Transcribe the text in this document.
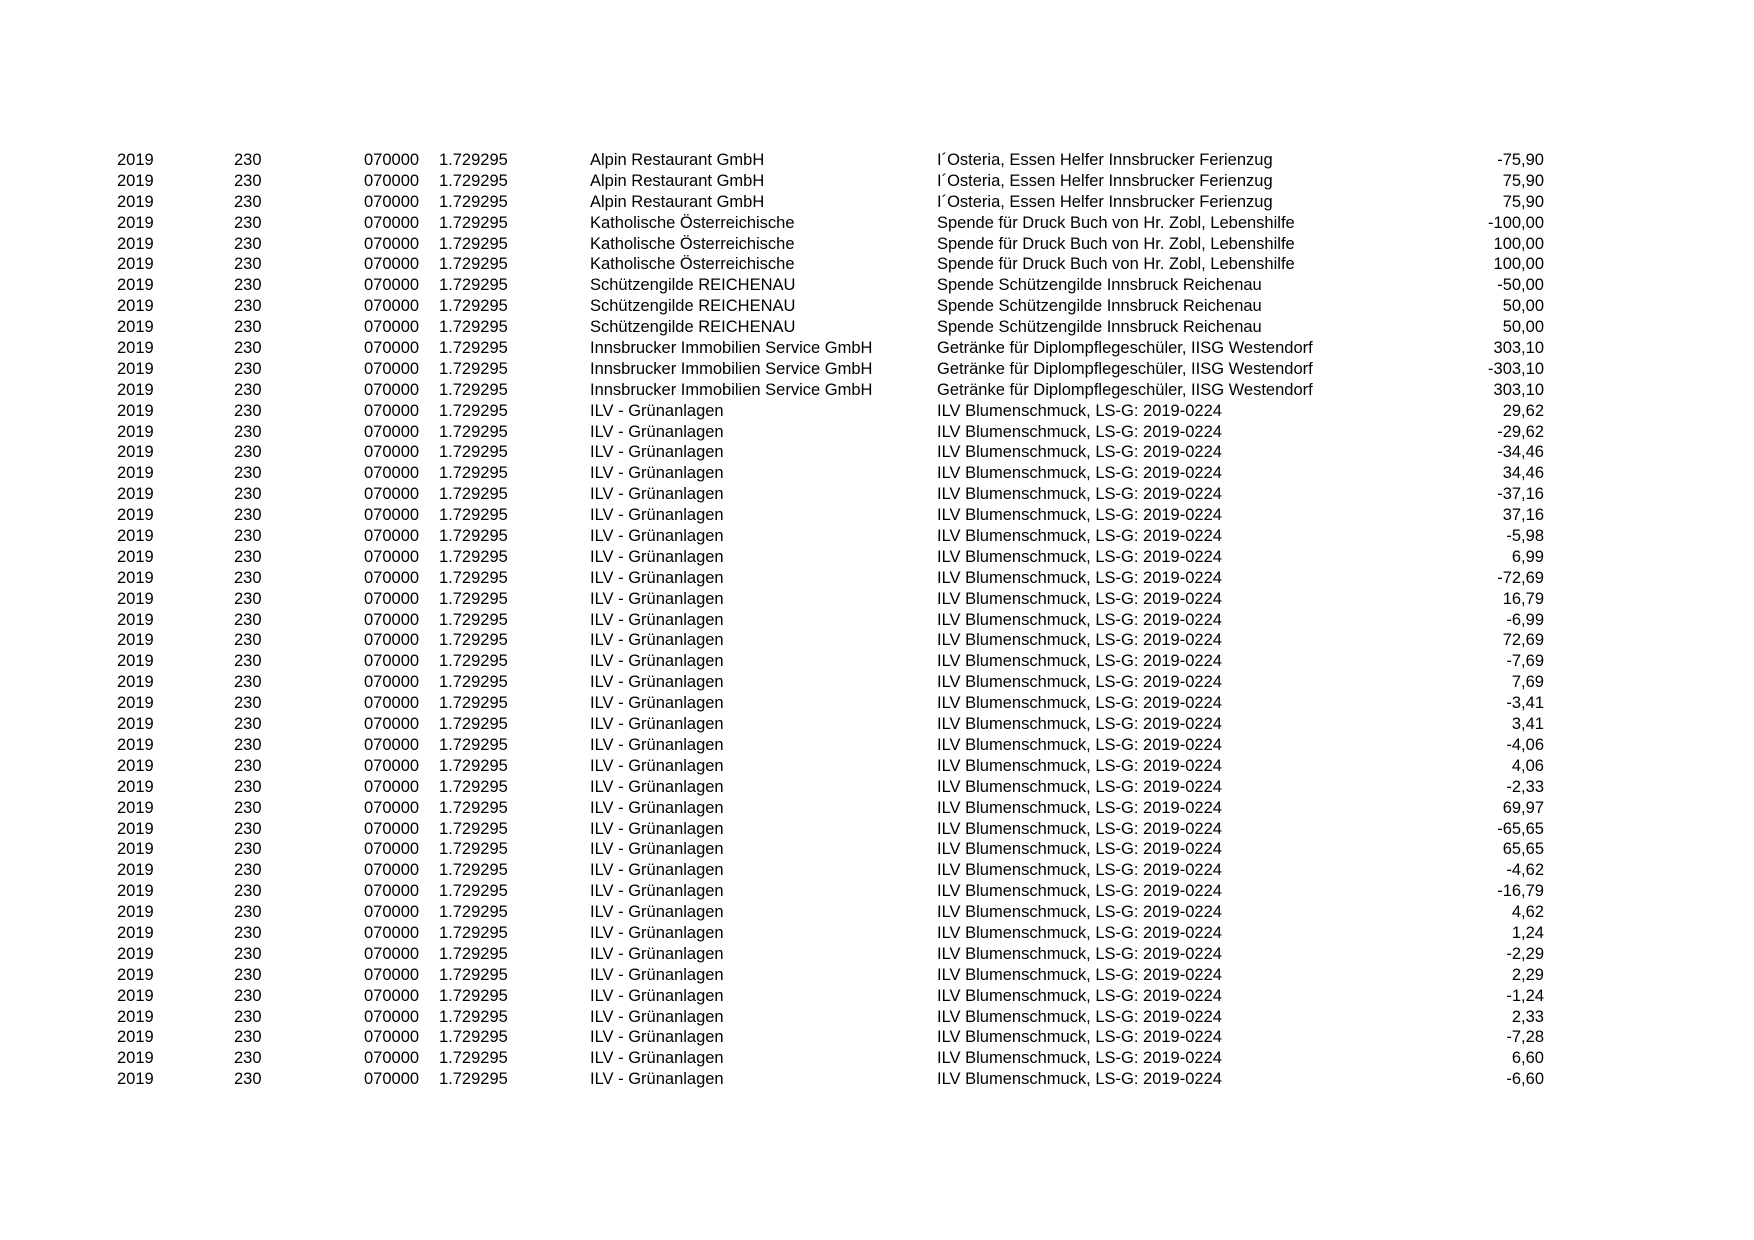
2019	230	070000 1.729295	Alpin Restaurant GmbH	I´Osteria, Essen Helfer Innsbrucker Ferienzug	-75,90
2019	230	070000 1.729295	Alpin Restaurant GmbH	I´Osteria, Essen Helfer Innsbrucker Ferienzug	75,90
2019	230	070000 1.729295	Alpin Restaurant GmbH	I´Osteria, Essen Helfer Innsbrucker Ferienzug	75,90
2019	230	070000 1.729295	Katholische Österreichische	Spende für Druck Buch von Hr. Zobl, Lebenshilfe	-100,00
2019	230	070000 1.729295	Katholische Österreichische	Spende für Druck Buch von Hr. Zobl, Lebenshilfe	100,00
2019	230	070000 1.729295	Katholische Österreichische	Spende für Druck Buch von Hr. Zobl, Lebenshilfe	100,00
2019	230	070000 1.729295	Schützengilde REICHENAU	Spende Schützengilde Innsbruck Reichenau	-50,00
2019	230	070000 1.729295	Schützengilde REICHENAU	Spende Schützengilde Innsbruck Reichenau	50,00
2019	230	070000 1.729295	Schützengilde REICHENAU	Spende Schützengilde Innsbruck Reichenau	50,00
2019	230	070000 1.729295	Innsbrucker Immobilien Service GmbH	Getränke für Diplompflegeschüler, IISG Westendorf	303,10
2019	230	070000 1.729295	Innsbrucker Immobilien Service GmbH	Getränke für Diplompflegeschüler, IISG Westendorf	-303,10
2019	230	070000 1.729295	Innsbrucker Immobilien Service GmbH	Getränke für Diplompflegeschüler, IISG Westendorf	303,10
2019	230	070000 1.729295	ILV - Grünanlagen	ILV Blumenschmuck, LS-G: 2019-0224	29,62
2019	230	070000 1.729295	ILV - Grünanlagen	ILV Blumenschmuck, LS-G: 2019-0224	-29,62
2019	230	070000 1.729295	ILV - Grünanlagen	ILV Blumenschmuck, LS-G: 2019-0224	-34,46
2019	230	070000 1.729295	ILV - Grünanlagen	ILV Blumenschmuck, LS-G: 2019-0224	34,46
2019	230	070000 1.729295	ILV - Grünanlagen	ILV Blumenschmuck, LS-G: 2019-0224	-37,16
2019	230	070000 1.729295	ILV - Grünanlagen	ILV Blumenschmuck, LS-G: 2019-0224	37,16
2019	230	070000 1.729295	ILV - Grünanlagen	ILV Blumenschmuck, LS-G: 2019-0224	-5,98
2019	230	070000 1.729295	ILV - Grünanlagen	ILV Blumenschmuck, LS-G: 2019-0224	6,99
2019	230	070000 1.729295	ILV - Grünanlagen	ILV Blumenschmuck, LS-G: 2019-0224	-72,69
2019	230	070000 1.729295	ILV - Grünanlagen	ILV Blumenschmuck, LS-G: 2019-0224	16,79
2019	230	070000 1.729295	ILV - Grünanlagen	ILV Blumenschmuck, LS-G: 2019-0224	-6,99
2019	230	070000 1.729295	ILV - Grünanlagen	ILV Blumenschmuck, LS-G: 2019-0224	72,69
2019	230	070000 1.729295	ILV - Grünanlagen	ILV Blumenschmuck, LS-G: 2019-0224	-7,69
2019	230	070000 1.729295	ILV - Grünanlagen	ILV Blumenschmuck, LS-G: 2019-0224	7,69
2019	230	070000 1.729295	ILV - Grünanlagen	ILV Blumenschmuck, LS-G: 2019-0224	-3,41
2019	230	070000 1.729295	ILV - Grünanlagen	ILV Blumenschmuck, LS-G: 2019-0224	3,41
2019	230	070000 1.729295	ILV - Grünanlagen	ILV Blumenschmuck, LS-G: 2019-0224	-4,06
2019	230	070000 1.729295	ILV - Grünanlagen	ILV Blumenschmuck, LS-G: 2019-0224	4,06
2019	230	070000 1.729295	ILV - Grünanlagen	ILV Blumenschmuck, LS-G: 2019-0224	-2,33
2019	230	070000 1.729295	ILV - Grünanlagen	ILV Blumenschmuck, LS-G: 2019-0224	69,97
2019	230	070000 1.729295	ILV - Grünanlagen	ILV Blumenschmuck, LS-G: 2019-0224	-65,65
2019	230	070000 1.729295	ILV - Grünanlagen	ILV Blumenschmuck, LS-G: 2019-0224	65,65
2019	230	070000 1.729295	ILV - Grünanlagen	ILV Blumenschmuck, LS-G: 2019-0224	-4,62
2019	230	070000 1.729295	ILV - Grünanlagen	ILV Blumenschmuck, LS-G: 2019-0224	-16,79
2019	230	070000 1.729295	ILV - Grünanlagen	ILV Blumenschmuck, LS-G: 2019-0224	4,62
2019	230	070000 1.729295	ILV - Grünanlagen	ILV Blumenschmuck, LS-G: 2019-0224	1,24
2019	230	070000 1.729295	ILV - Grünanlagen	ILV Blumenschmuck, LS-G: 2019-0224	-2,29
2019	230	070000 1.729295	ILV - Grünanlagen	ILV Blumenschmuck, LS-G: 2019-0224	2,29
2019	230	070000 1.729295	ILV - Grünanlagen	ILV Blumenschmuck, LS-G: 2019-0224	-1,24
2019	230	070000 1.729295	ILV - Grünanlagen	ILV Blumenschmuck, LS-G: 2019-0224	2,33
2019	230	070000 1.729295	ILV - Grünanlagen	ILV Blumenschmuck, LS-G: 2019-0224	-7,28
2019	230	070000 1.729295	ILV - Grünanlagen	ILV Blumenschmuck, LS-G: 2019-0224	6,60
2019	230	070000 1.729295	ILV - Grünanlagen	ILV Blumenschmuck, LS-G: 2019-0224	-6,60
